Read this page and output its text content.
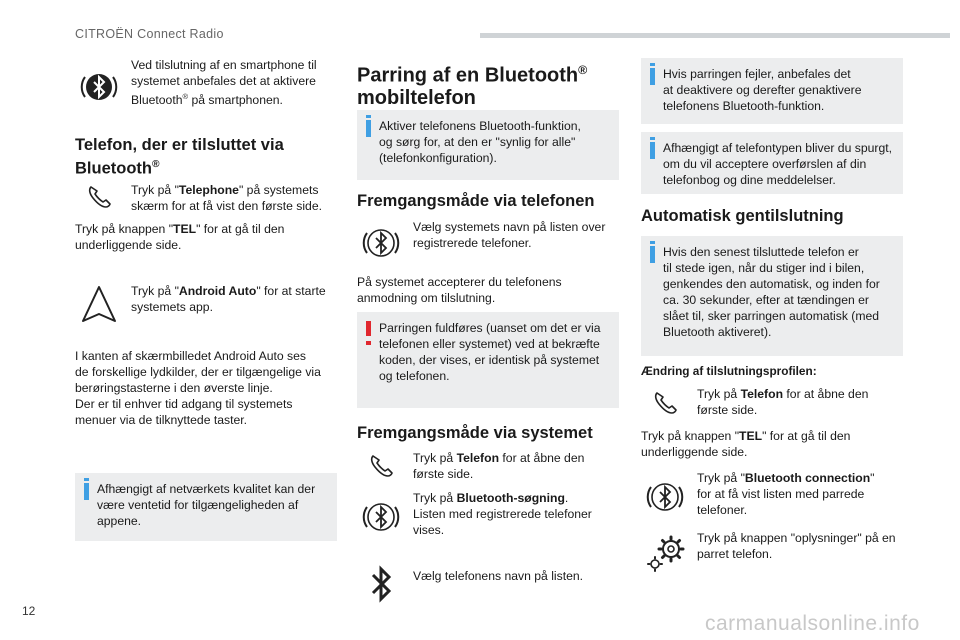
CITROËN Connect Radio
Ved tilslutning af en smartphone til
systemet anbefales det at aktivere
Bluetooth® på smartphonen.
Telefon, der er tilsluttet via
Bluetooth®
Tryk på "Telephone" på systemets
skærm for at få vist den første side.
Tryk på knappen "TEL" for at gå til den
underliggende side.
Tryk på "Android Auto" for at starte
systemets app.
I kanten af skærmbilledet Android Auto ses
de forskellige lydkilder, der er tilgængelige via
berøringstasterne i den øverste linje.
Der er til enhver tid adgang til systemets
menuer via de tilknyttede taster.
Afhængigt af netværkets kvalitet kan der
være ventetid for tilgængeligheden af
appene.
Parring af en Bluetooth®
mobiltelefon
Aktiver telefonens Bluetooth-funktion,
og sørg for, at den er "synlig for alle"
(telefonkonfiguration).
Fremgangsmåde via telefonen
Vælg systemets navn på listen over
registrerede telefoner.
På systemet accepterer du telefonens
anmodning om tilslutning.
Parringen fuldføres (uanset om det er via
telefonen eller systemet) ved at bekræfte
koden, der vises, er identisk på systemet
og telefonen.
Fremgangsmåde via systemet
Tryk på Telefon for at åbne den
første side.
Tryk på Bluetooth-søgning.
Listen med registrerede telefoner
vises.
Vælg telefonens navn på listen.
Hvis parringen fejler, anbefales det
at deaktivere og derefter genaktivere
telefonens Bluetooth-funktion.
Afhængigt af telefontypen bliver du spurgt,
om du vil acceptere overførslen af din
telefonbog og dine meddelelser.
Automatisk gentilslutning
Hvis den senest tilsluttede telefon er
til stede igen, når du stiger ind i bilen,
genkendes den automatisk, og inden for
ca. 30 sekunder, efter at tændingen er
slået til, sker parringen automatisk (med
Bluetooth aktiveret).
Ændring af tilslutningsprofilen:
Tryk på Telefon for at åbne den
første side.
Tryk på knappen "TEL" for at gå til den
underliggende side.
Tryk på "Bluetooth connection"
for at få vist listen med parrede
telefoner.
Tryk på knappen "oplysninger" på en
parret telefon.
12
carmanualsonline.info
